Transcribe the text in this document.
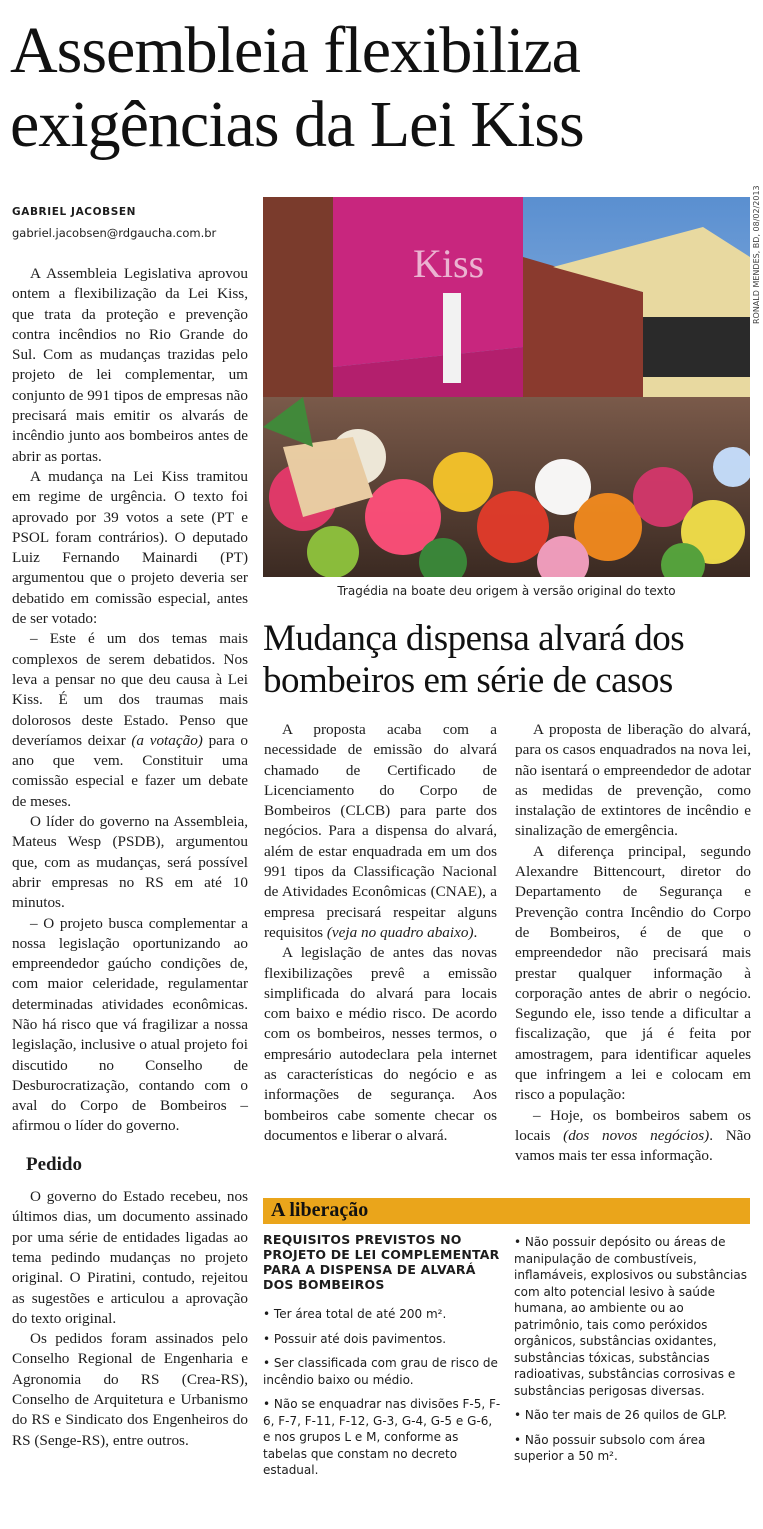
Assembleia flexibiliza exigências da Lei Kiss
GABRIEL JACOBSEN
gabriel.jacobsen@rdgaucha.com.br

A Assembleia Legislativa aprovou ontem a flexibilização da Lei Kiss, que trata da proteção e prevenção contra incêndios no Rio Grande do Sul. Com as mudanças trazidas pelo projeto de lei complementar, um conjunto de 991 tipos de empresas não precisará mais emitir os alvarás de incêndio junto aos bombeiros antes de abrir as portas.

A mudança na Lei Kiss tramitou em regime de urgência. O texto foi aprovado por 39 votos a sete (PT e PSOL foram contrários). O deputado Luiz Fernando Mainardi (PT) argumentou que o projeto deveria ser debatido em comissão especial, antes de ser votado:

– Este é um dos temas mais complexos de serem debatidos. Nos leva a pensar no que deu causa à Lei Kiss. É um dos traumas mais dolorosos deste Estado. Penso que deveríamos deixar (a votação) para o ano que vem. Constituir uma comissão especial e fazer um debate de meses.

O líder do governo na Assembleia, Mateus Wesp (PSDB), argumentou que, com as mudanças, será possível abrir empresas no RS em até 10 minutos.

– O projeto busca complementar a nossa legislação oportunizando ao empreendedor gaúcho condições de, com maior celeridade, regulamentar determinadas atividades econômicas. Não há risco que vá fragilizar a nossa legislação, inclusive o atual projeto foi discutido no Conselho de Desburocratização, contando com o aval do Corpo de Bombeiros – afirmou o líder do governo.

Pedido

O governo do Estado recebeu, nos últimos dias, um documento assinado por uma série de entidades ligadas ao tema pedindo mudanças no projeto original. O Piratini, contudo, rejeitou as sugestões e articulou a aprovação do texto original.

Os pedidos foram assinados pelo Conselho Regional de Engenharia e Agronomia do RS (Crea-RS), Conselho de Arquitetura e Urbanismo do RS e Sindicato dos Engenheiros do RS (Senge-RS), entre outros.

Kiss	RONALD MENDES, BD, 08/02/2013
Tragédia na boate deu origem à versão original do texto
Mudança dispensa alvará dos bombeiros em série de casos

A proposta acaba com a necessidade de emissão do alvará chamado de Certificado de Licenciamento do Corpo de Bombeiros (CLCB) para parte dos negócios. Para a dispensa do alvará, além de estar enquadrada em um dos 991 tipos da Classificação Nacional de Atividades Econômicas (CNAE), a empresa precisará respeitar alguns requisitos (veja no quadro abaixo).

A legislação de antes das novas flexibilizações prevê a emissão simplificada do alvará para locais com baixo e médio risco. De acordo com os bombeiros, nesses termos, o empresário autodeclara pela internet as características do negócio e as informações de segurança. Aos bombeiros cabe somente checar os documentos e liberar o alvará.

A proposta de liberação do alvará, para os casos enquadrados na nova lei, não isentará o empreendedor de adotar as medidas de prevenção, como instalação de extintores de incêndio e sinalização de emergência.

A diferença principal, segundo Alexandre Bittencourt, diretor do Departamento de Segurança e Prevenção contra Incêndio do Corpo de Bombeiros, é de que o empreendedor não precisará mais prestar qualquer informação à corporação antes de abrir o negócio. Segundo ele, isso tende a dificultar a fiscalização, que já é feita por amostragem, para identificar aqueles que infringem a lei e colocam em risco a população:

– Hoje, os bombeiros sabem os locais (dos novos negócios). Não vamos mais ter essa informação.

A liberação
REQUISITOS PREVISTOS NO PROJETO DE LEI COMPLEMENTAR PARA A DISPENSA DE ALVARÁ DOS BOMBEIROS
• Ter área total de até 200 m².
• Possuir até dois pavimentos.
• Ser classificada com grau de risco de incêndio baixo ou médio.
• Não se enquadrar nas divisões F-5, F-6, F-7, F-11, F-12, G-3, G-4, G-5 e G-6, e nos grupos L e M, conforme as tabelas que constam no decreto estadual.
• Não possuir depósito ou áreas de manipulação de combustíveis, inflamáveis, explosivos ou substâncias com alto potencial lesivo à saúde humana, ao ambiente ou ao patrimônio, tais como peróxidos orgânicos, substâncias oxidantes, substâncias tóxicas, substâncias radioativas, substâncias corrosivas e substâncias perigosas diversas.
• Não ter mais de 26 quilos de GLP.
• Não possuir subsolo com área superior a 50 m².
